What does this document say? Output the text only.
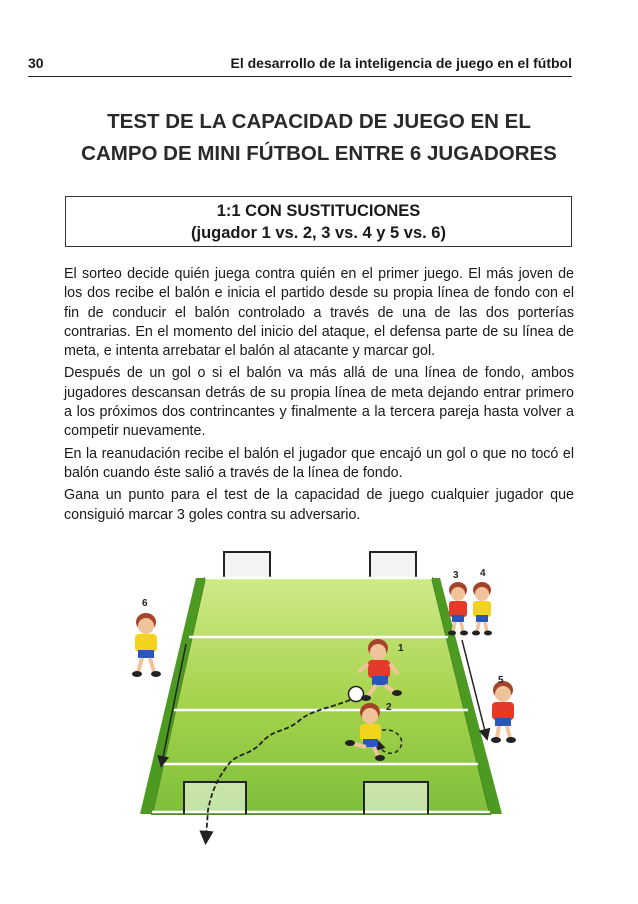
30	El desarrollo de la inteligencia de juego en el fútbol
TEST DE LA CAPACIDAD DE JUEGO EN EL
CAMPO DE MINI FÚTBOL ENTRE 6 JUGADORES
1:1 CON SUSTITUCIONES
(jugador 1 vs. 2, 3 vs. 4 y 5 vs. 6)

El sorteo decide quién juega contra quién en el primer juego. El más joven de los dos recibe el balón e inicia el partido desde su propia línea de fondo con el fin de conducir el balón controlado a través de una de las dos porterías contrarias. En el momento del inicio del ataque, el defensa parte de su línea de meta, e intenta arrebatar el balón al atacante y marcar gol.

Después de un gol o si el balón va más allá de una línea de fondo, ambos jugadores descansan detrás de su propia línea de meta dejando entrar primero a los próximos dos contrincantes y finalmente a la tercera pareja hasta volver a competir nuevamente.

En la reanudación recibe el balón el jugador que encajó un gol o que no tocó el balón cuando éste salió a través de la línea de fondo.

Gana un punto para el test de la capacidad de juego cualquier jugador que consiguió marcar 3 goles contra su adversario.

1
2
3 4
5
6
